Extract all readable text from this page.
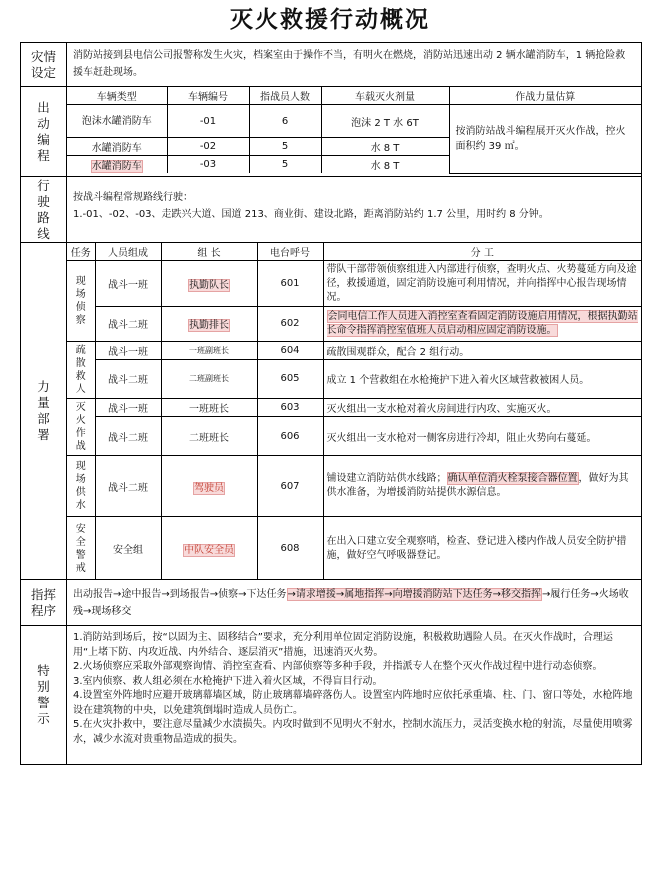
灭火救援行动概况
灾情设定
消防站接到县电信公司报警称发生火灾，档案室由于操作不当，有明火在燃烧，消防站迅速出动 2 辆水罐消防车，1 辆抢险救援车赶赴现场。
出
动
编
程
车辆类型	车辆编号	指战员人数	车载灭火剂量	作战力量估算
泡沫水罐消防车	-01	6	泡沫 2 T 水 6T	按消防站战斗编程展开灭火作战，控火面积约 39 ㎡。
水罐消防车	-02	5	水 8 T	
水罐消防车	-03	5	水 8 T	
行
驶
路
线
按战斗编程常规路线行驶：
1.-01、-02、-03、走跌兴大道、国道 213、商业街、建设北路，距离消防站约 1.7 公里，用时约 8 分钟。
力
量
部
署
任务	人员组成	组 长	电台呼号	分 工

现
场
侦
察	战斗一班	执勤队长	601	带队干部带领侦察组进入内部进行侦察，查明火点、火势蔓延方向及途径，救援通道，固定消防设施可利用情况，并向指挥中心报告现场情况。
	战斗二班	执勤排长	602	会同电信工作人员进入消控室查看固定消防设施启用情况，根据执勤站长命令指挥消控室值班人员启动相应固定消防设施。

疏
散
救
人	战斗一班	一班副班长	604	疏散围观群众，配合 2 组行动。
	战斗二班	二班副班长	605	成立 1 个营救组在水枪掩护下进入着火区域营救被困人员。

灭
火
作
战	战斗一班	一班班长	603	灭火组出一支水枪对着火房间进行内攻、实施灭火。
	战斗二班	二班班长	606	灭火组出一支水枪对一侧客房进行冷却，阻止火势向右蔓延。

现
场
供
水	战斗二班	驾驶员	607	铺设建立消防站供水线路；确认单位消火栓泵接合器位置，做好为其供水准备，为增援消防站提供水源信息。

安
全
警
戒	安全组	中队安全员	608	在出入口建立安全观察哨，检查、登记进入楼内作战人员安全防护措施，做好空气呼吸器登记。
指挥程序
出动报告→途中报告→到场报告→侦察→下达任务→请求增援→属地指挥→向增援消防站下达任务→移交指挥→履行任务→火场收残→现场移交
特
别
警
示

1.消防站到场后，按“以固为主、固移结合”要求，充分利用单位固定消防设施，积极救助遇险人员。在灭火作战时，合理运用“上堵下防、内攻近战、内外结合、逐层消灭”措施，迅速消灭火势。

2.火场侦察应采取外部观察询情、消控室查看、内部侦察等多种手段，并指派专人在整个灭火作战过程中进行动态侦察。

3.室内侦察、救人组必须在水枪掩护下进入着火区域，不得盲目行动。

4.设置室外阵地时应避开玻璃幕墙区域，防止玻璃幕墙碎落伤人。设置室内阵地时应依托承重墙、柱、门、窗口等处，水枪阵地设在建筑物的中央，以免建筑倒塌时造成人员伤亡。

5.在火灾扑救中，要注意尽量减少水渍损失。内攻时做到不见明火不射水，控制水流压力，灵活变换水枪的射流，尽量使用喷雾水，减少水流对贵重物品造成的损失。
